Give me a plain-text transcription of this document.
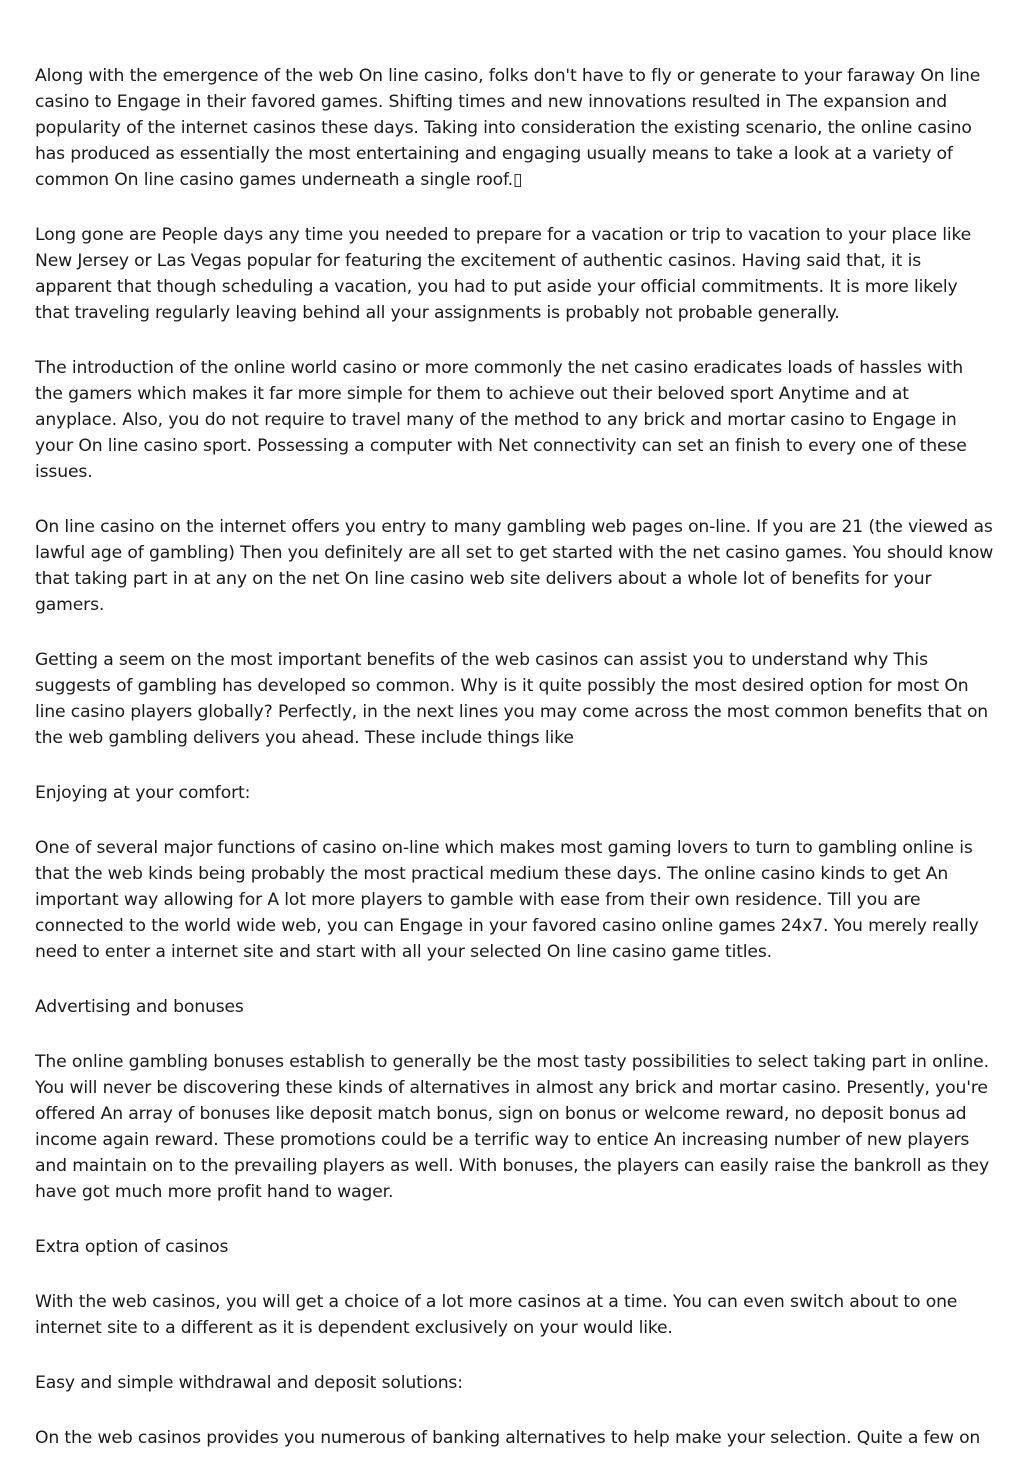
Along with the emergence of the web On line casino, folks don't have to fly or generate to your faraway On line casino to Engage in their favored games. Shifting times and new innovations resulted in The expansion and popularity of the internet casinos these days. Taking into consideration the existing scenario, the online casino has produced as essentially the most entertaining and engaging usually means to take a look at a variety of common On line casino games underneath a single roof.▯

Long gone are People days any time you needed to prepare for a vacation or trip to vacation to your place like New Jersey or Las Vegas popular for featuring the excitement of authentic casinos. Having said that, it is apparent that though scheduling a vacation, you had to put aside your official commitments. It is more likely that traveling regularly leaving behind all your assignments is probably not probable generally.

The introduction of the online world casino or more commonly the net casino eradicates loads of hassles with the gamers which makes it far more simple for them to achieve out their beloved sport Anytime and at anyplace. Also, you do not require to travel many of the method to any brick and mortar casino to Engage in your On line casino sport. Possessing a computer with Net connectivity can set an finish to every one of these issues.

On line casino on the internet offers you entry to many gambling web pages on-line. If you are 21 (the viewed as lawful age of gambling) Then you definitely are all set to get started with the net casino games. You should know that taking part in at any on the net On line casino web site delivers about a whole lot of benefits for your gamers.

Getting a seem on the most important benefits of the web casinos can assist you to understand why This suggests of gambling has developed so common. Why is it quite possibly the most desired option for most On line casino players globally? Perfectly, in the next lines you may come across the most common benefits that on the web gambling delivers you ahead. These include things like

Enjoying at your comfort:

One of several major functions of casino on-line which makes most gaming lovers to turn to gambling online is that the web kinds being probably the most practical medium these days. The online casino kinds to get An important way allowing for A lot more players to gamble with ease from their own residence. Till you are connected to the world wide web, you can Engage in your favored casino online games 24x7. You merely really need to enter a internet site and start with all your selected On line casino game titles.

Advertising and bonuses

The online gambling bonuses establish to generally be the most tasty possibilities to select taking part in online. You will never be discovering these kinds of alternatives in almost any brick and mortar casino. Presently, you're offered An array of bonuses like deposit match bonus, sign on bonus or welcome reward, no deposit bonus ad income again reward. These promotions could be a terrific way to entice An increasing number of new players and maintain on to the prevailing players as well. With bonuses, the players can easily raise the bankroll as they have got much more profit hand to wager.

Extra option of casinos

With the web casinos, you will get a choice of a lot more casinos at a time. You can even switch about to one internet site to a different as it is dependent exclusively on your would like.

Easy and simple withdrawal and deposit solutions:

On the web casinos provides you numerous of banking alternatives to help make your selection. Quite a few on
